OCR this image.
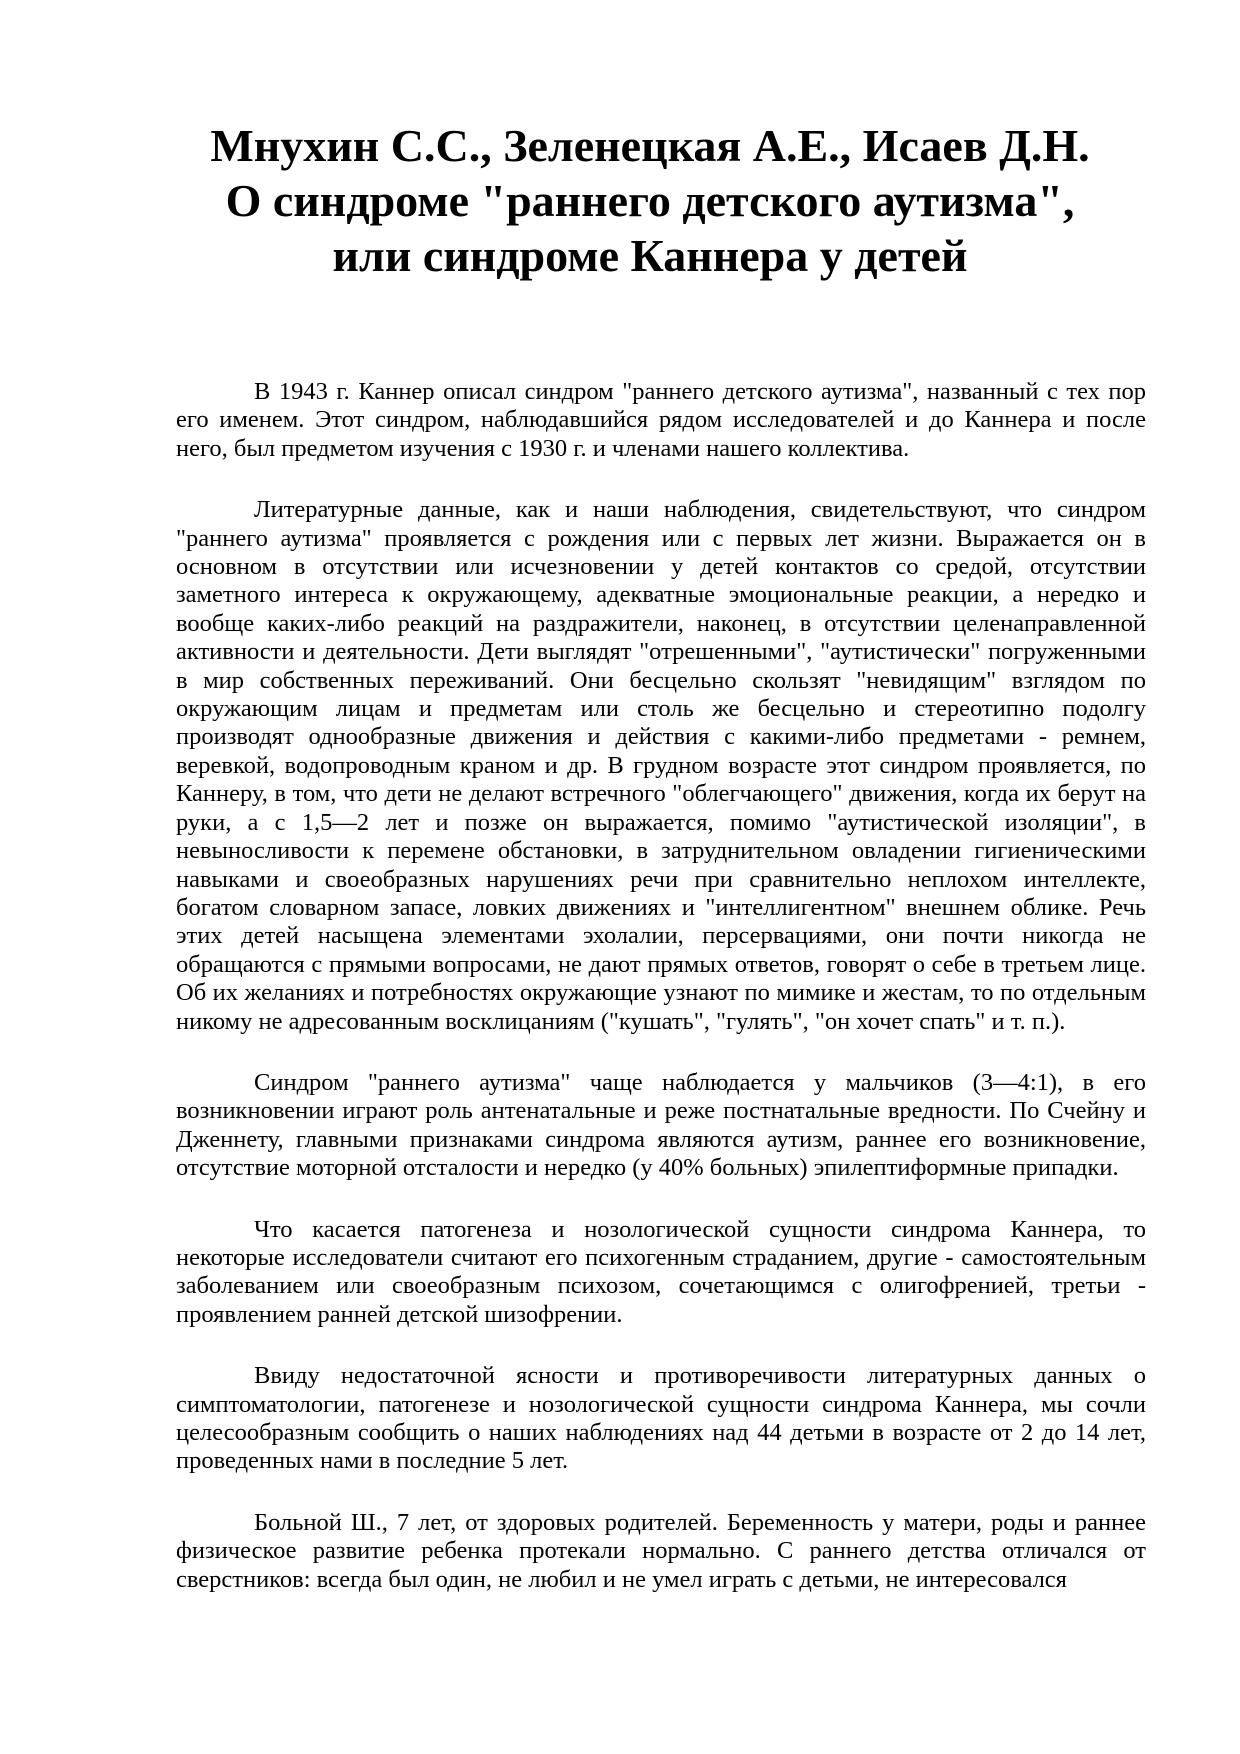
Мнухин С.С., Зеленецкая А.Е., Исаев Д.Н.
О синдроме "раннего детского аутизма",
или синдроме Каннера у детей

В 1943 г. Каннер описал синдром "раннего детского аутизма", названный с тех пор его именем. Этот синдром, наблюдавшийся рядом исследователей и до Каннера и после него, был предметом изучения с 1930 г. и членами нашего коллектива.

Литературные данные, как и наши наблюдения, свидетельствуют, что синдром "раннего аутизма" проявляется с рождения или с первых лет жизни. Выражается он в основном в отсутствии или исчезновении у детей контактов со средой, отсутствии заметного интереса к окружающему, адекватные эмоциональные реакции, а нередко и вообще каких-либо реакций на раздражители, наконец, в отсутствии целенаправленной активности и деятельности. Дети выглядят "отрешенными", "аутистически" погруженными в мир собственных переживаний. Они бесцельно скользят "невидящим" взглядом по окружающим лицам и предметам или столь же бесцельно и стереотипно подолгу производят однообразные движения и действия с какими-либо предметами - ремнем, веревкой, водопроводным краном и др. В грудном возрасте этот синдром проявляется, по Каннеру, в том, что дети не делают встречного "облегчающего" движения, когда их берут на руки, а с 1,5—2 лет и позже он выражается, помимо "аутистической изоляции", в невыносливости к перемене обстановки, в затруднительном овладении гигиеническими навыками и своеобразных нарушениях речи при сравнительно неплохом интеллекте, богатом словарном запасе, ловких движениях и "интеллигентном" внешнем облике. Речь этих детей насыщена элементами эхолалии, персервациями, они почти никогда не обращаются с прямыми вопросами, не дают прямых ответов, говорят о себе в третьем лице. Об их желаниях и потребностях окружающие узнают по мимике и жестам, то по отдельным никому не адресованным восклицаниям ("кушать", "гулять", "он хочет спать" и т. п.).

Синдром "раннего аутизма" чаще наблюдается у мальчиков (3—4:1), в его возникновении играют роль антенатальные и реже постнатальные вредности. По Счейну и Дженнету, главными признаками синдрома являются аутизм, раннее его возникновение, отсутствие моторной отсталости и нередко (у 40% больных) эпилептиформные припадки.

Что касается патогенеза и нозологической сущности синдрома Каннера, то некоторые исследователи считают его психогенным страданием, другие - самостоятельным заболеванием или своеобразным психозом, сочетающимся с олигофренией, третьи - проявлением ранней детской шизофрении.

Ввиду недостаточной ясности и противоречивости литературных данных о симптоматологии, патогенезе и нозологической сущности синдрома Каннера, мы сочли целесообразным сообщить о наших наблюдениях над 44 детьми в возрасте от 2 до 14 лет, проведенных нами в последние 5 лет.

Больной Ш., 7 лет, от здоровых родителей. Беременность у матери, роды и раннее физическое развитие ребенка протекали нормально. С раннего детства отличался от сверстников: всегда был один, не любил и не умел играть с детьми, не интересовался
